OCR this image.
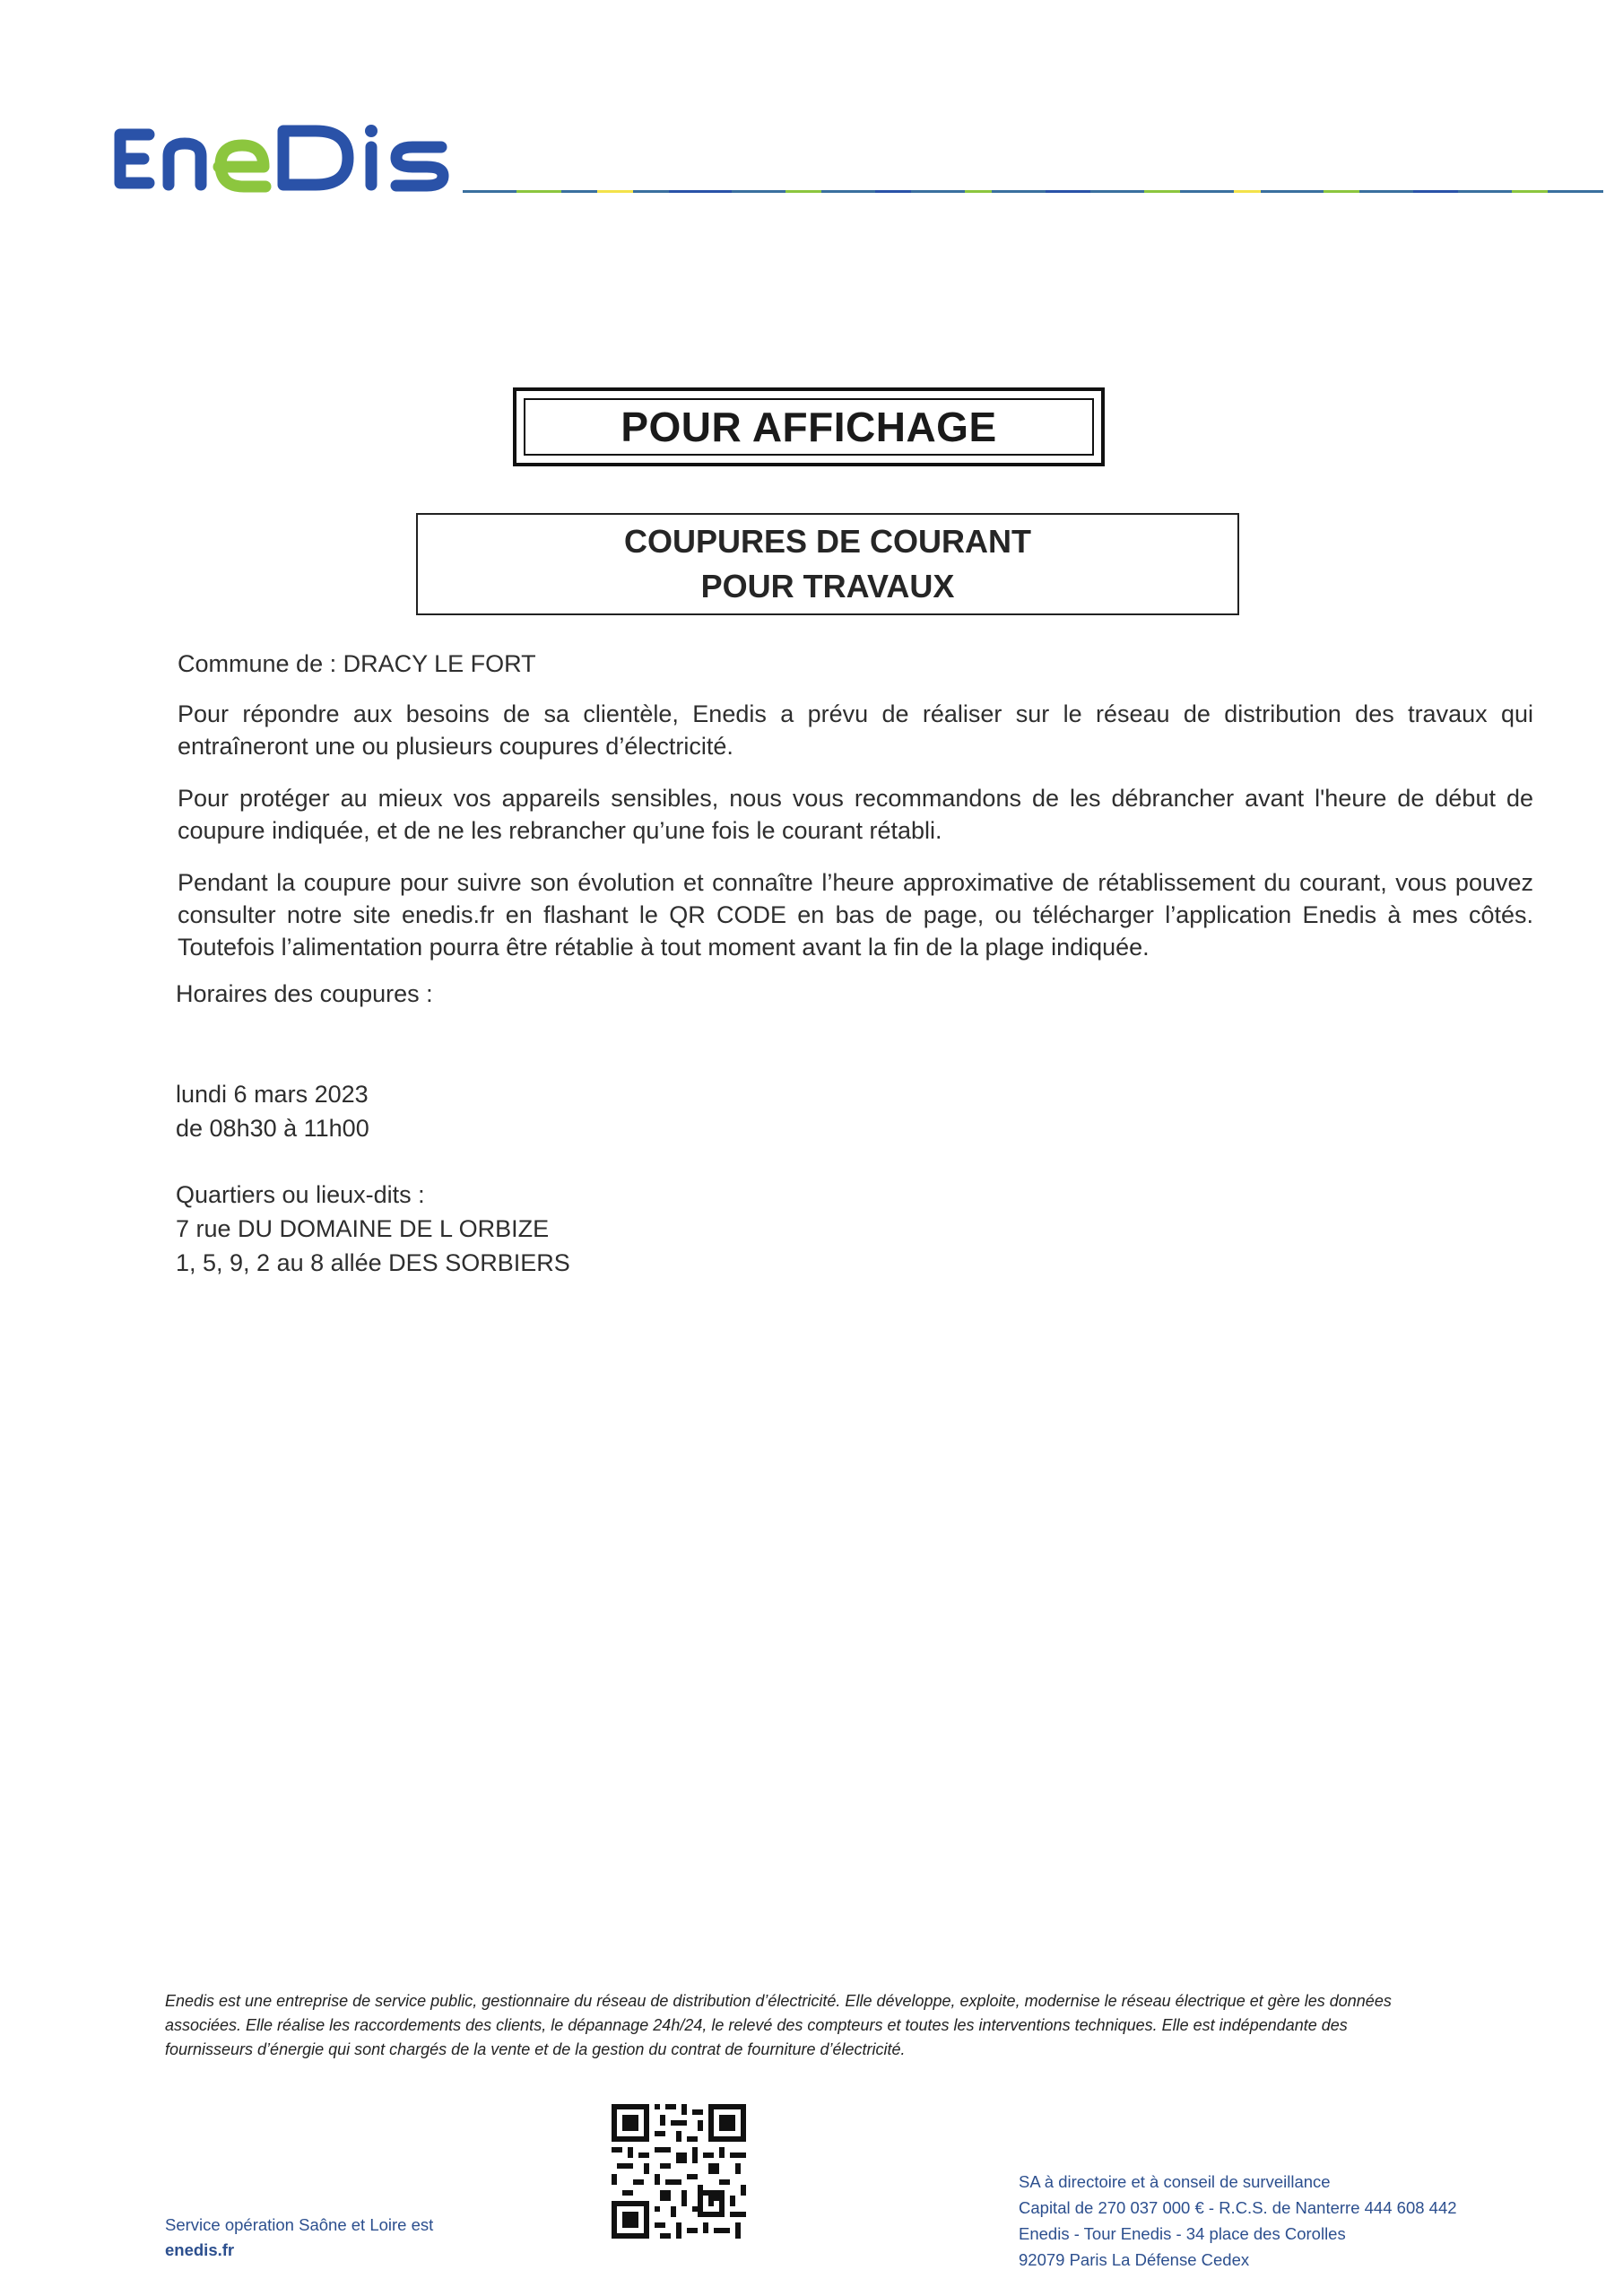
POUR AFFICHAGE
COUPURES DE COURANT
POUR TRAVAUX
Commune de : DRACY LE FORT
Pour répondre aux besoins de sa clientèle, Enedis a prévu de réaliser sur le réseau de distribution des travaux qui entraîneront une ou plusieurs coupures d’électricité.
Pour protéger au mieux vos appareils sensibles, nous vous recommandons de les débrancher avant l'heure de début de coupure indiquée, et de ne les rebrancher qu’une fois le courant rétabli.
Pendant la coupure pour suivre son évolution et connaître l’heure approximative de rétablissement du courant, vous pouvez consulter notre site enedis.fr en flashant le QR CODE en bas de page, ou télécharger l’application Enedis à mes côtés. Toutefois l’alimentation pourra être rétablie à tout moment avant la fin de la plage indiquée.
Horaires des coupures :
lundi 6 mars 2023
de 08h30 à 11h00
Quartiers ou lieux-dits :
7 rue DU DOMAINE DE L ORBIZE
1, 5, 9, 2 au 8 allée DES SORBIERS
Enedis est une entreprise de service public, gestionnaire du réseau de distribution d’électricité. Elle développe, exploite, modernise le réseau électrique et gère les données
associées. Elle réalise les raccordements des clients, le dépannage 24h/24, le relevé des compteurs et toutes les interventions techniques. Elle est indépendante des
fournisseurs d’énergie qui sont chargés de la vente et de la gestion du contrat de fourniture d’électricité.
Service opération Saône et Loire est
enedis.fr
SA à directoire et à conseil de surveillance
Capital de 270 037 000 € - R.C.S. de Nanterre 444 608 442
Enedis - Tour Enedis - 34 place des Corolles
92079 Paris La Défense Cedex
